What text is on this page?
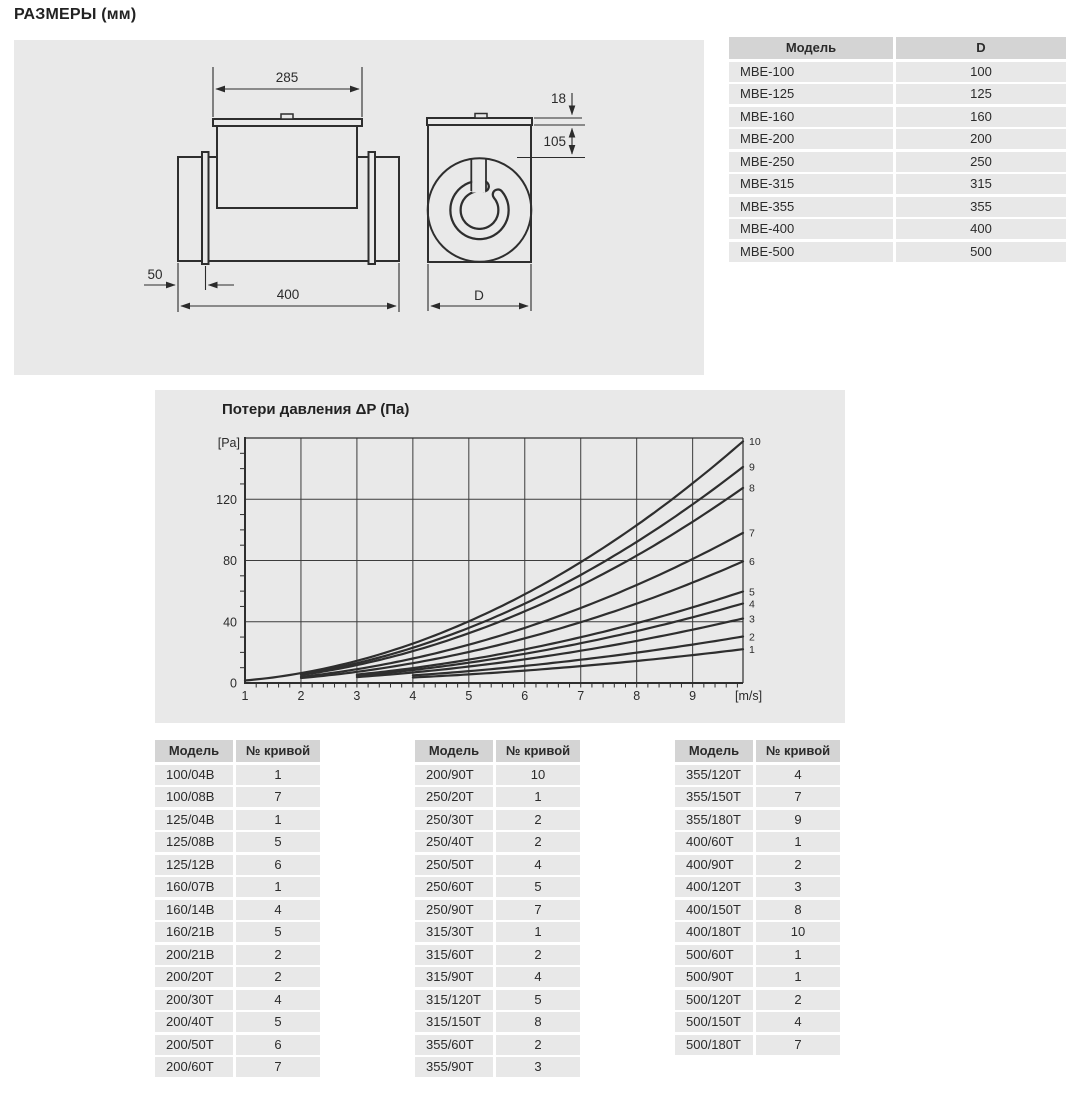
РАЗМЕРЫ (мм)
285
400
50
18
105
D
Модель	D
MBE-100	100
MBE-125	125
MBE-160	160
MBE-200	200
MBE-250	250
MBE-315	315
MBE-355	355
MBE-400	400
MBE-500	500
Потери давления ΔP (Па)
1	2	3	4	5	6	7	8	9	[m/s]
0
40
80
120
[Pa]
1
2
3
4
5
6
7
8
9
10
Модель	№ кривой
100/04B	1
100/08B	7
125/04B	1
125/08B	5
125/12B	6
160/07B	1
160/14B	4
160/21B	5
200/21B	2
200/20T	2
200/30T	4
200/40T	5
200/50T	6
200/60T	7
Модель	№ кривой
200/90T	10
250/20T	1
250/30T	2
250/40T	2
250/50T	4
250/60T	5
250/90T	7
315/30T	1
315/60T	2
315/90T	4
315/120T	5
315/150T	8
355/60T	2
355/90T	3
Модель	№ кривой
355/120T	4
355/150T	7
355/180T	9
400/60T	1
400/90T	2
400/120T	3
400/150T	8
400/180T	10
500/60T	1
500/90T	1
500/120T	2
500/150T	4
500/180T	7
